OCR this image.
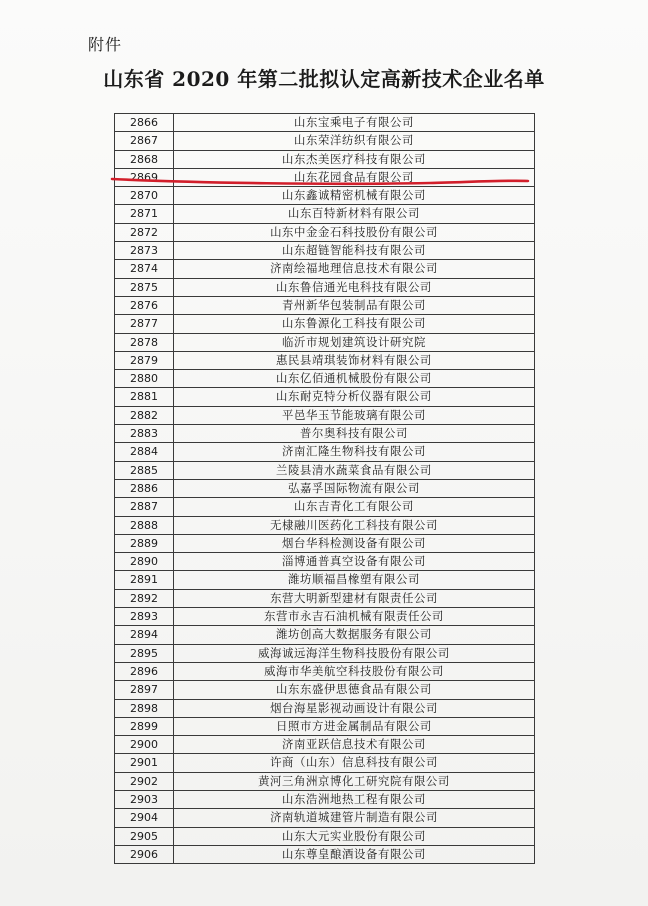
附件
山东省 2020 年第二批拟认定高新技术企业名单
2866	山东宝乘电子有限公司
2867	山东荣洋纺织有限公司
2868	山东杰美医疗科技有限公司
2869	山东花园食品有限公司
2870	山东鑫诚精密机械有限公司
2871	山东百特新材料有限公司
2872	山东中金金石科技股份有限公司
2873	山东超链智能科技有限公司
2874	济南绘福地理信息技术有限公司
2875	山东鲁信通光电科技有限公司
2876	青州新华包装制品有限公司
2877	山东鲁源化工科技有限公司
2878	临沂市规划建筑设计研究院
2879	惠民县靖琪装饰材料有限公司
2880	山东亿佰通机械股份有限公司
2881	山东耐克特分析仪器有限公司
2882	平邑华玉节能玻璃有限公司
2883	普尔奥科技有限公司
2884	济南汇隆生物科技有限公司
2885	兰陵县清水蔬菜食品有限公司
2886	弘嘉孚国际物流有限公司
2887	山东吉青化工有限公司
2888	无棣融川医药化工科技有限公司
2889	烟台华科检测设备有限公司
2890	淄博通普真空设备有限公司
2891	潍坊顺福昌橡塑有限公司
2892	东营大明新型建材有限责任公司
2893	东营市永吉石油机械有限责任公司
2894	潍坊创高大数据服务有限公司
2895	威海诚远海洋生物科技股份有限公司
2896	威海市华美航空科技股份有限公司
2897	山东东盛伊思德食品有限公司
2898	烟台海星影视动画设计有限公司
2899	日照市方进金属制品有限公司
2900	济南亚跃信息技术有限公司
2901	许商（山东）信息科技有限公司
2902	黄河三角洲京博化工研究院有限公司
2903	山东浩洲地热工程有限公司
2904	济南轨道城建管片制造有限公司
2905	山东大元实业股份有限公司
2906	山东尊皇酿酒设备有限公司
